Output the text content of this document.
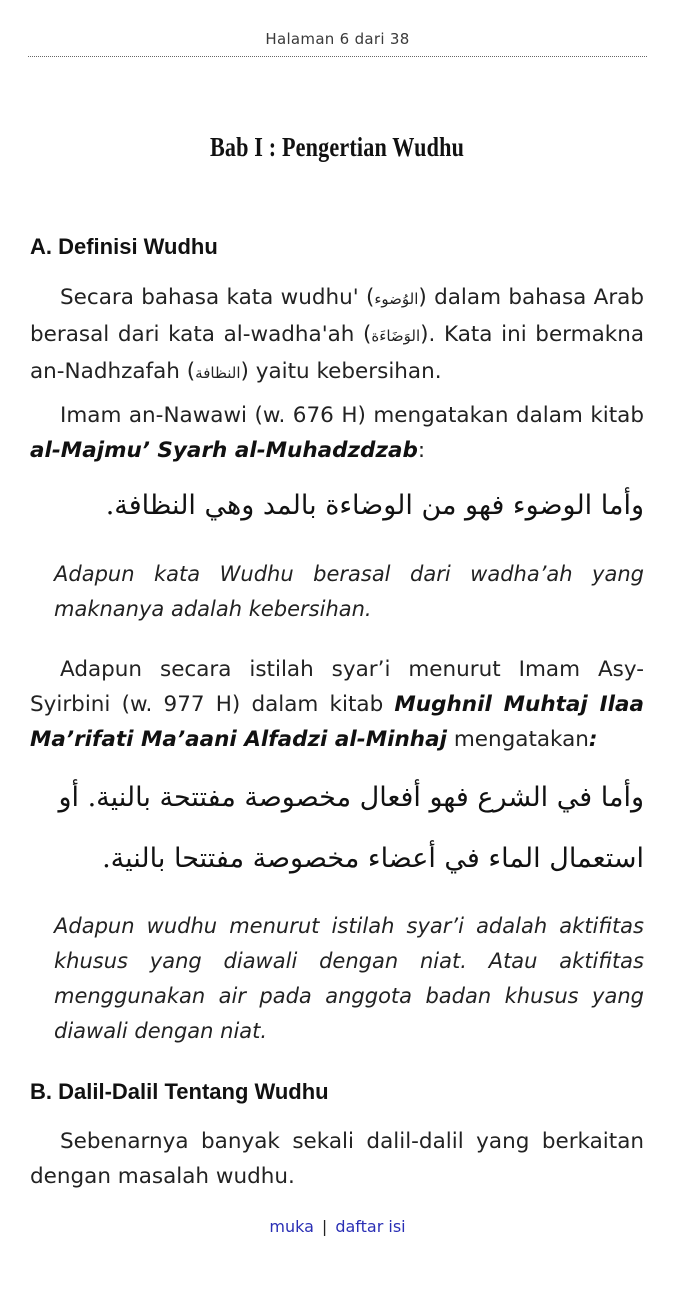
Halaman 6 dari 38
Bab I : Pengertian Wudhu
A. Definisi Wudhu
Secara bahasa kata wudhu' (الوُضوء) dalam bahasa Arab berasal dari kata al-wadha'ah (الوَضَاءَة). Kata ini bermakna an-Nadhzafah (النظافة) yaitu kebersihan.
Imam an-Nawawi (w. 676 H) mengatakan dalam kitab al-Majmu’ Syarh al-Muhadzdzab:
وأما الوضوء فهو من الوضاءة بالمد وهي النظافة.
Adapun kata Wudhu berasal dari wadha’ah yang maknanya adalah kebersihan.
Adapun secara istilah syar’i menurut Imam Asy-Syirbini (w. 977 H) dalam kitab Mughnil Muhtaj Ilaa Ma’rifati Ma’aani Alfadzi al-Minhaj mengatakan:
وأما في الشرع فهو أفعال مخصوصة مفتتحة بالنية. أو
استعمال الماء في أعضاء مخصوصة مفتتحا بالنية.
Adapun wudhu menurut istilah syar’i adalah aktifitas khusus yang diawali dengan niat. Atau aktifitas menggunakan air pada anggota badan khusus yang diawali dengan niat.
B. Dalil-Dalil Tentang Wudhu
Sebenarnya banyak sekali dalil-dalil yang berkaitan dengan masalah wudhu.
muka | daftar isi
